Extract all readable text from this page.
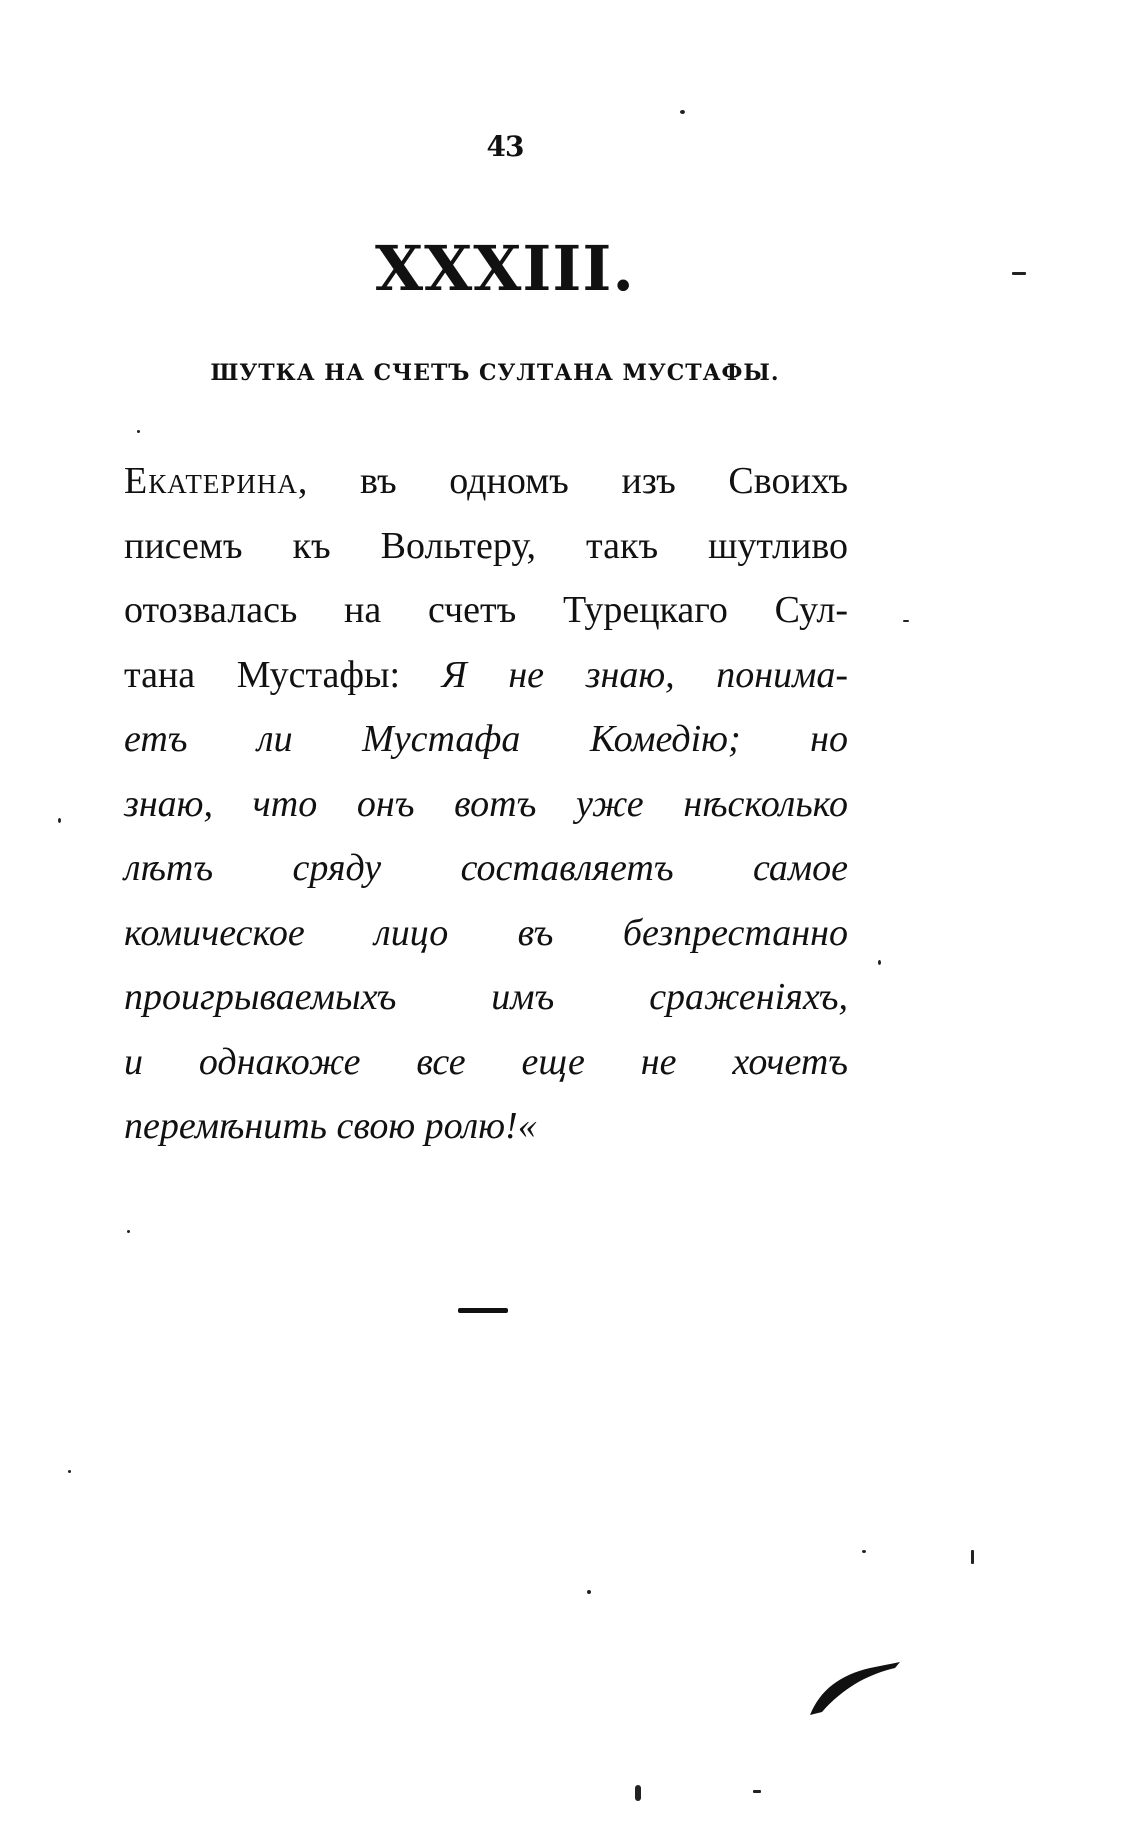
43
XXXIII.
ШУТКА НА СЧЕТЪ СУЛТАНА МУСТАФЫ.
Екатерина, въ одномъ изъ Своихъ
писемъ къ Вольтеру, такъ шутливо
отозвалась на счетъ Турецкаго Сул-
тана Мустафы: Я не знаю, понима-
етъ ли Мустафа Комедію; но
знаю, что онъ вотъ уже нѣсколько
лѣтъ сряду составляетъ самое
комическое лицо въ безпрестанно
проигрываемыхъ имъ сраженіяхъ,
и однакоже все еще не хочетъ
перемѣнить свою ролю!«
